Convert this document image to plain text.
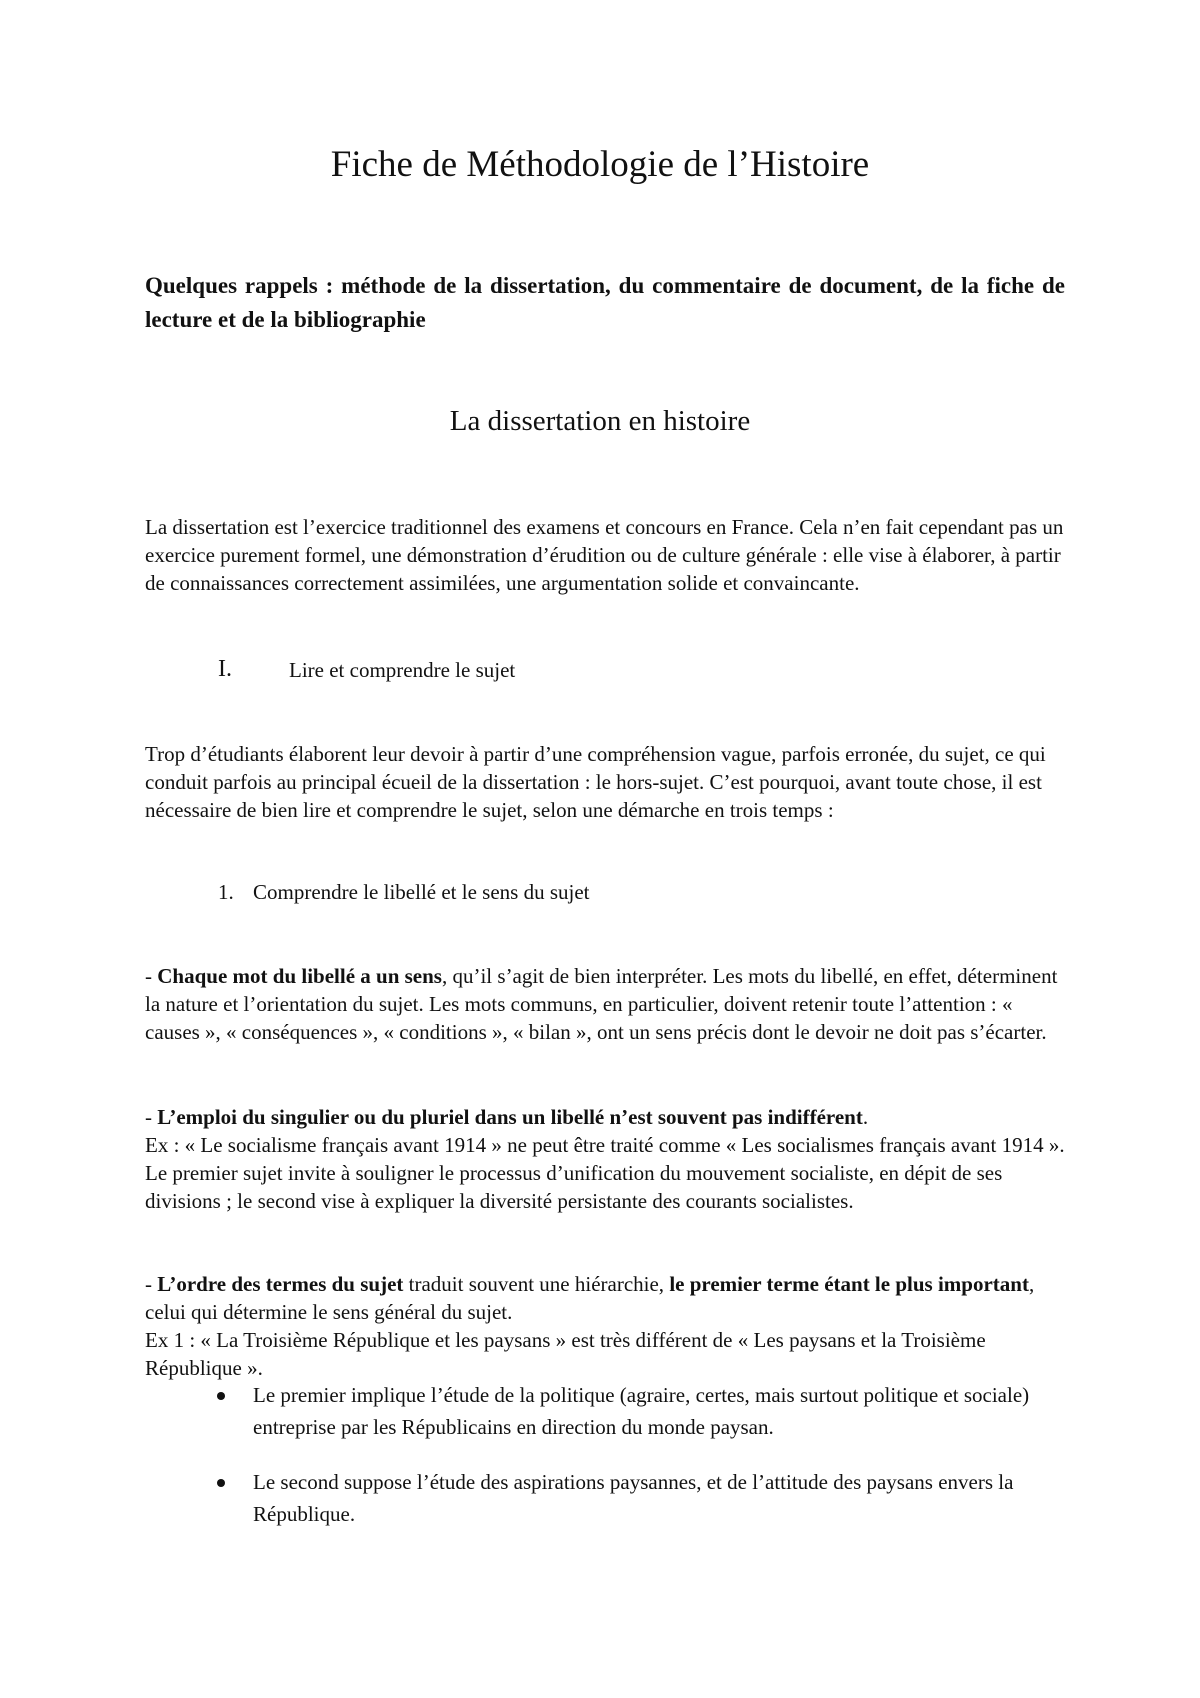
Fiche de Méthodologie de l’Histoire

Quelques rappels : méthode de la dissertation, du commentaire de document, de la fiche de lecture et de la bibliographie

La dissertation en histoire

La dissertation est l’exercice traditionnel des examens et concours en France. Cela n’en fait cependant pas un exercice purement formel, une démonstration d’érudition ou de culture générale : elle vise à élaborer, à partir de connaissances correctement assimilées, une argumentation solide et convaincante.

I.	Lire et comprendre le sujet

Trop d’étudiants élaborent leur devoir à partir d’une compréhension vague, parfois erronée, du sujet, ce qui conduit parfois au principal écueil de la dissertation : le hors-sujet. C’est pourquoi, avant toute chose, il est nécessaire de bien lire et comprendre le sujet, selon une démarche en trois temps :

1. Comprendre le libellé et le sens du sujet

- Chaque mot du libellé a un sens, qu’il s’agit de bien interpréter. Les mots du libellé, en effet, déterminent la nature et l’orientation du sujet. Les mots communs, en particulier, doivent retenir toute l’attention : « causes », « conséquences », « conditions », « bilan », ont un sens précis dont le devoir ne doit pas s’écarter.

- L’emploi du singulier ou du pluriel dans un libellé n’est souvent pas indifférent.
Ex : « Le socialisme français avant 1914 » ne peut être traité comme « Les socialismes français avant 1914 ». Le premier sujet invite à souligner le processus d’unification du mouvement socialiste, en dépit de ses divisions ; le second vise à expliquer la diversité persistante des courants socialistes.

- L’ordre des termes du sujet traduit souvent une hiérarchie, le premier terme étant le plus important, celui qui détermine le sens général du sujet.
Ex 1 : « La Troisième République et les paysans » est très différent de « Les paysans et la Troisième République ».

Le premier implique l’étude de la politique (agraire, certes, mais surtout politique et sociale) entreprise par les Républicains en direction du monde paysan.

Le second suppose l’étude des aspirations paysannes, et de l’attitude des paysans envers la République.
